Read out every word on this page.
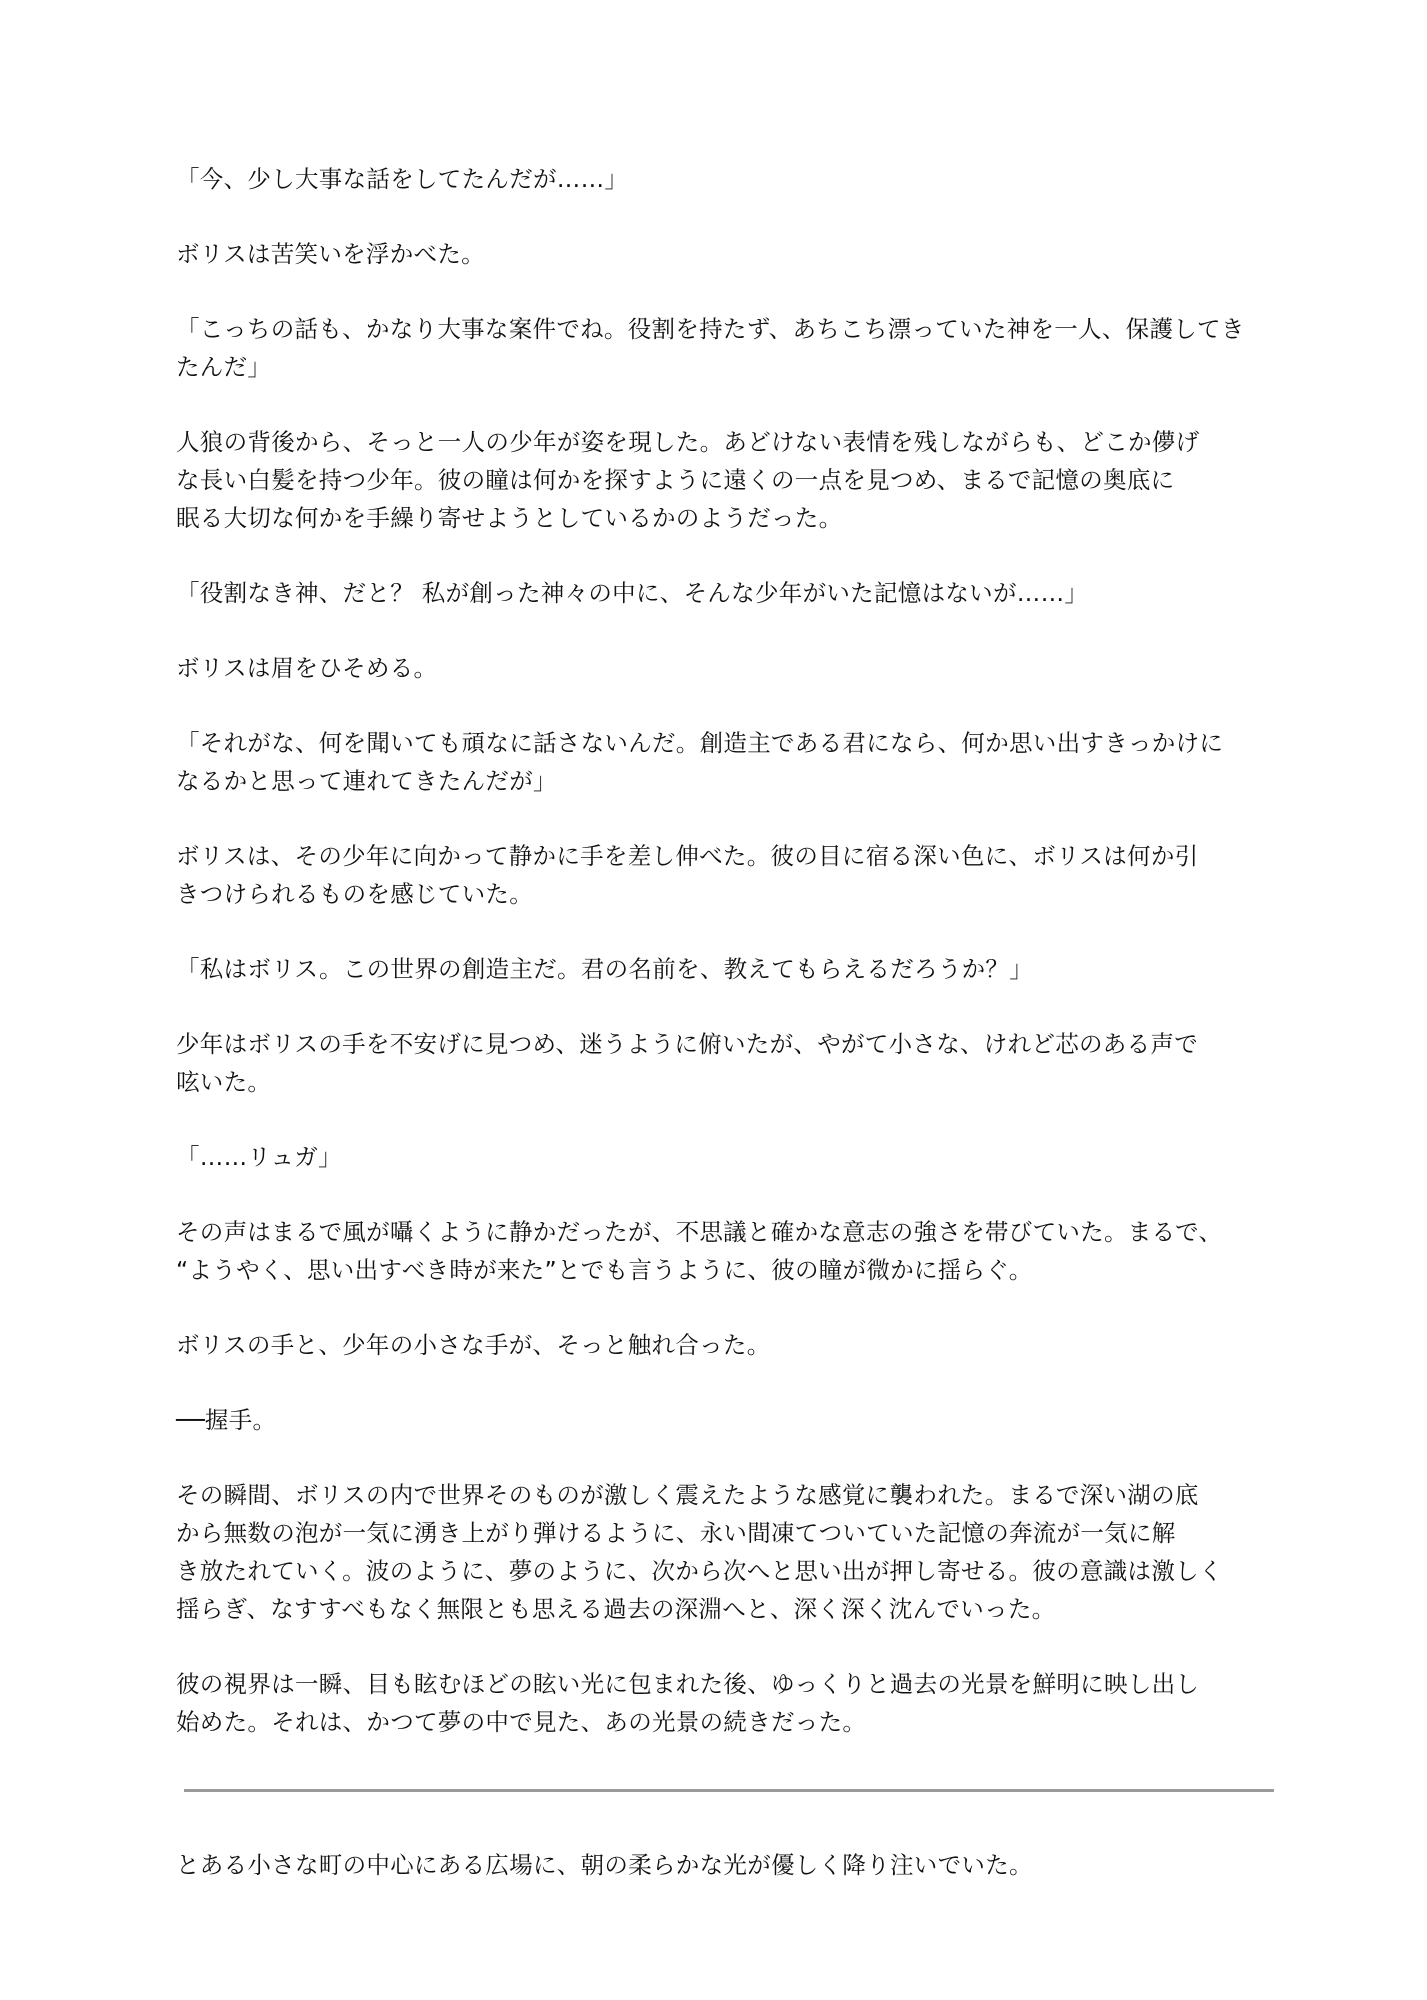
「今、少し大事な話をしてたんだが……」

ボリスは苦笑いを浮かべた。

「こっちの話も、かなり大事な案件でね。役割を持たず、あちこち漂っていた神を一人、保護してき
たんだ」

人狼の背後から、そっと一人の少年が姿を現した。あどけない表情を残しながらも、どこか儚げ
な長い白髪を持つ少年。彼の瞳は何かを探すように遠くの一点を見つめ、まるで記憶の奥底に
眠る大切な何かを手繰り寄せようとしているかのようだった。

「役割なき神、だと？ 私が創った神々の中に、そんな少年がいた記憶はないが……」

ボリスは眉をひそめる。

「それがな、何を聞いても頑なに話さないんだ。創造主である君になら、何か思い出すきっかけに
なるかと思って連れてきたんだが」

ボリスは、その少年に向かって静かに手を差し伸べた。彼の目に宿る深い色に、ボリスは何か引
きつけられるものを感じていた。

「私はボリス。この世界の創造主だ。君の名前を、教えてもらえるだろうか？」

少年はボリスの手を不安げに見つめ、迷うように俯いたが、やがて小さな、けれど芯のある声で
呟いた。

「……リュガ」

その声はまるで風が囁くように静かだったが、不思議と確かな意志の強さを帯びていた。まるで、
“ようやく、思い出すべき時が来た”とでも言うように、彼の瞳が微かに揺らぐ。

ボリスの手と、少年の小さな手が、そっと触れ合った。

──握手。

その瞬間、ボリスの内で世界そのものが激しく震えたような感覚に襲われた。まるで深い湖の底
から無数の泡が一気に湧き上がり弾けるように、永い間凍てついていた記憶の奔流が一気に解
き放たれていく。波のように、夢のように、次から次へと思い出が押し寄せる。彼の意識は激しく
揺らぎ、なすすべもなく無限とも思える過去の深淵へと、深く深く沈んでいった。

彼の視界は一瞬、目も眩むほどの眩い光に包まれた後、ゆっくりと過去の光景を鮮明に映し出し
始めた。それは、かつて夢の中で見た、あの光景の続きだった。

とある小さな町の中心にある広場に、朝の柔らかな光が優しく降り注いでいた。
